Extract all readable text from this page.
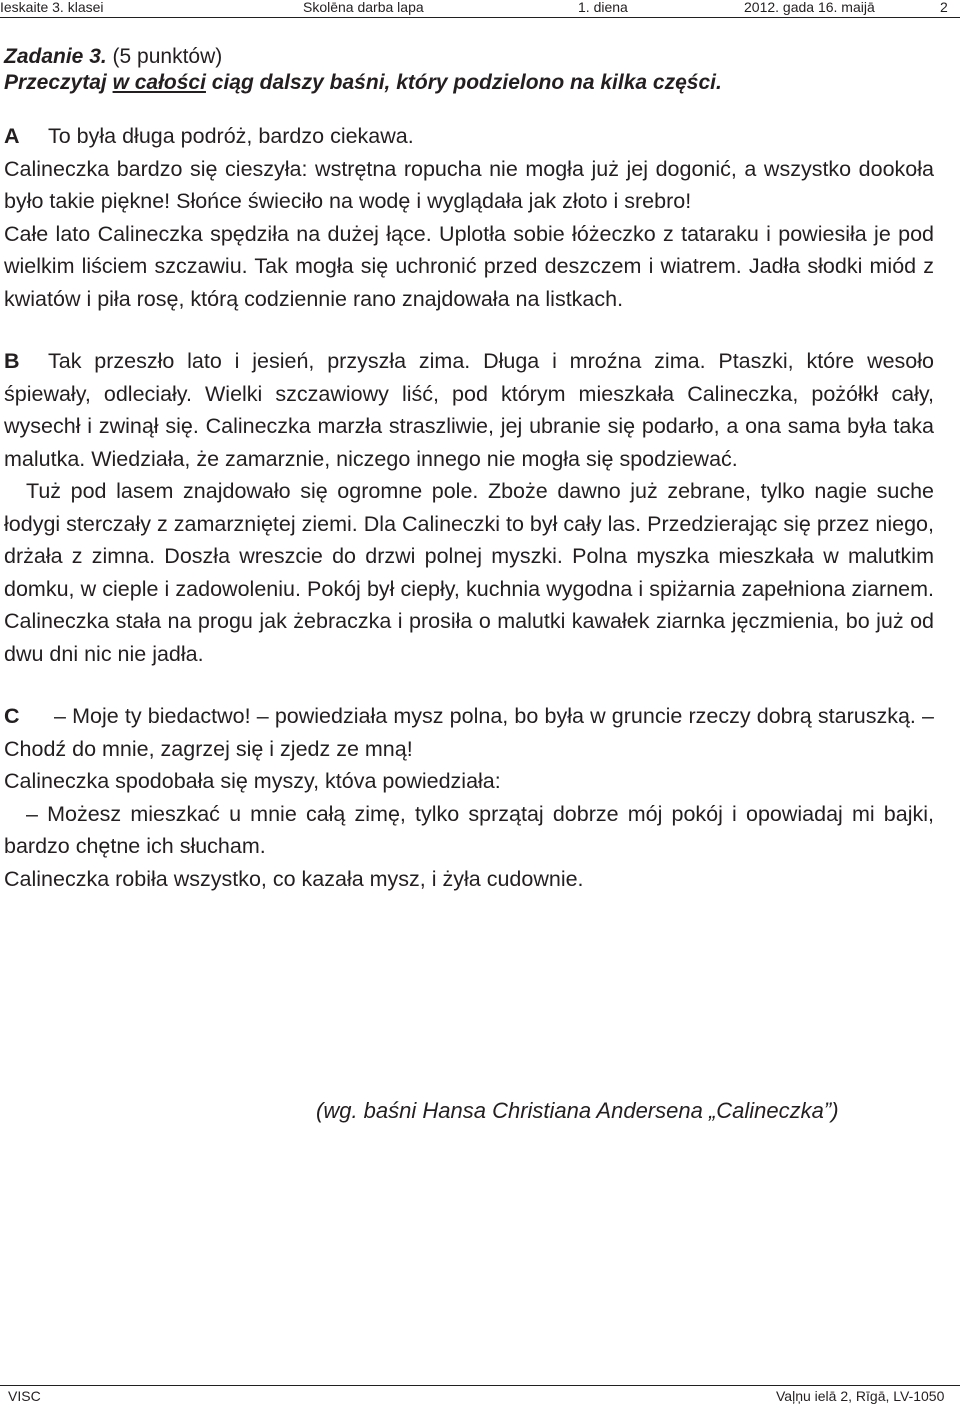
Ieskaite 3. klasei	Skolēna darba lapa	1. diena	2012. gada 16. maijā	2
Zadanie 3. (5 punktów)
Przeczytaj w całości ciąg dalszy baśni, który podzielono na kilka części.

A To była długa podróż, bardzo ciekawa.

Calineczka bardzo się cieszyła: wstrętna ropucha nie mogła już jej dogonić, a wszystko dookoła było takie piękne! Słońce świeciło na wodę i wyglądała jak złoto i srebro!

Całe lato Calineczka spędziła na dużej łące. Uplotła sobie łóżeczko z tataraku i powiesiła je pod wielkim liściem szczawiu. Tak mogła się uchronić przed deszczem i wiatrem. Jadła słodki miód z kwiatów i piła rosę, którą codziennie rano znajdowała na listkach.

B Tak przeszło lato i jesień, przyszła zima. Długa i mroźna zima. Ptaszki, które wesoło śpiewały, odleciały. Wielki szczawiowy liść, pod którym mieszkała Calineczka, pożółkł cały, wysechł i zwinął się. Calineczka marzła straszliwie, jej ubranie się podarło, a ona sama była taka malutka. Wiedziała, że zamarznie, niczego innego nie mogła się spodziewać.

Tuż pod lasem znajdowało się ogromne pole. Zboże dawno już zebrane, tylko nagie suche łodygi sterczały z zamarzniętej ziemi. Dla Calineczki to był cały las. Przedzierając się przez niego, drżała z zimna. Doszła wreszcie do drzwi polnej myszki. Polna myszka mieszkała w malutkim domku, w cieple i zadowoleniu. Pokój był ciepły, kuchnia wygodna i spiżarnia zapełniona ziarnem. Calineczka stała na progu jak żebraczka i prosiła o malutki kawałek ziarnka jęczmienia, bo już od dwu dni nic nie jadła.

C – Moje ty biedactwo! – powiedziała mysz polna, bo była w gruncie rzeczy dobrą staruszką. – Chodź do mnie, zagrzej się i zjedz ze mną!

Calineczka spodobała się myszy, któva powiedziała:

– Możesz mieszkać u mnie całą zimę, tylko sprzątaj dobrze mój pokój i opowiadaj mi bajki, bardzo chętne ich słucham.

Calineczka robiła wszystko, co kazała mysz, i żyła cudownie.

(wg. baśni Hansa Christiana Andersena „Calineczka”)
VISC	Vaļņu ielā 2, Rīgā, LV-1050
